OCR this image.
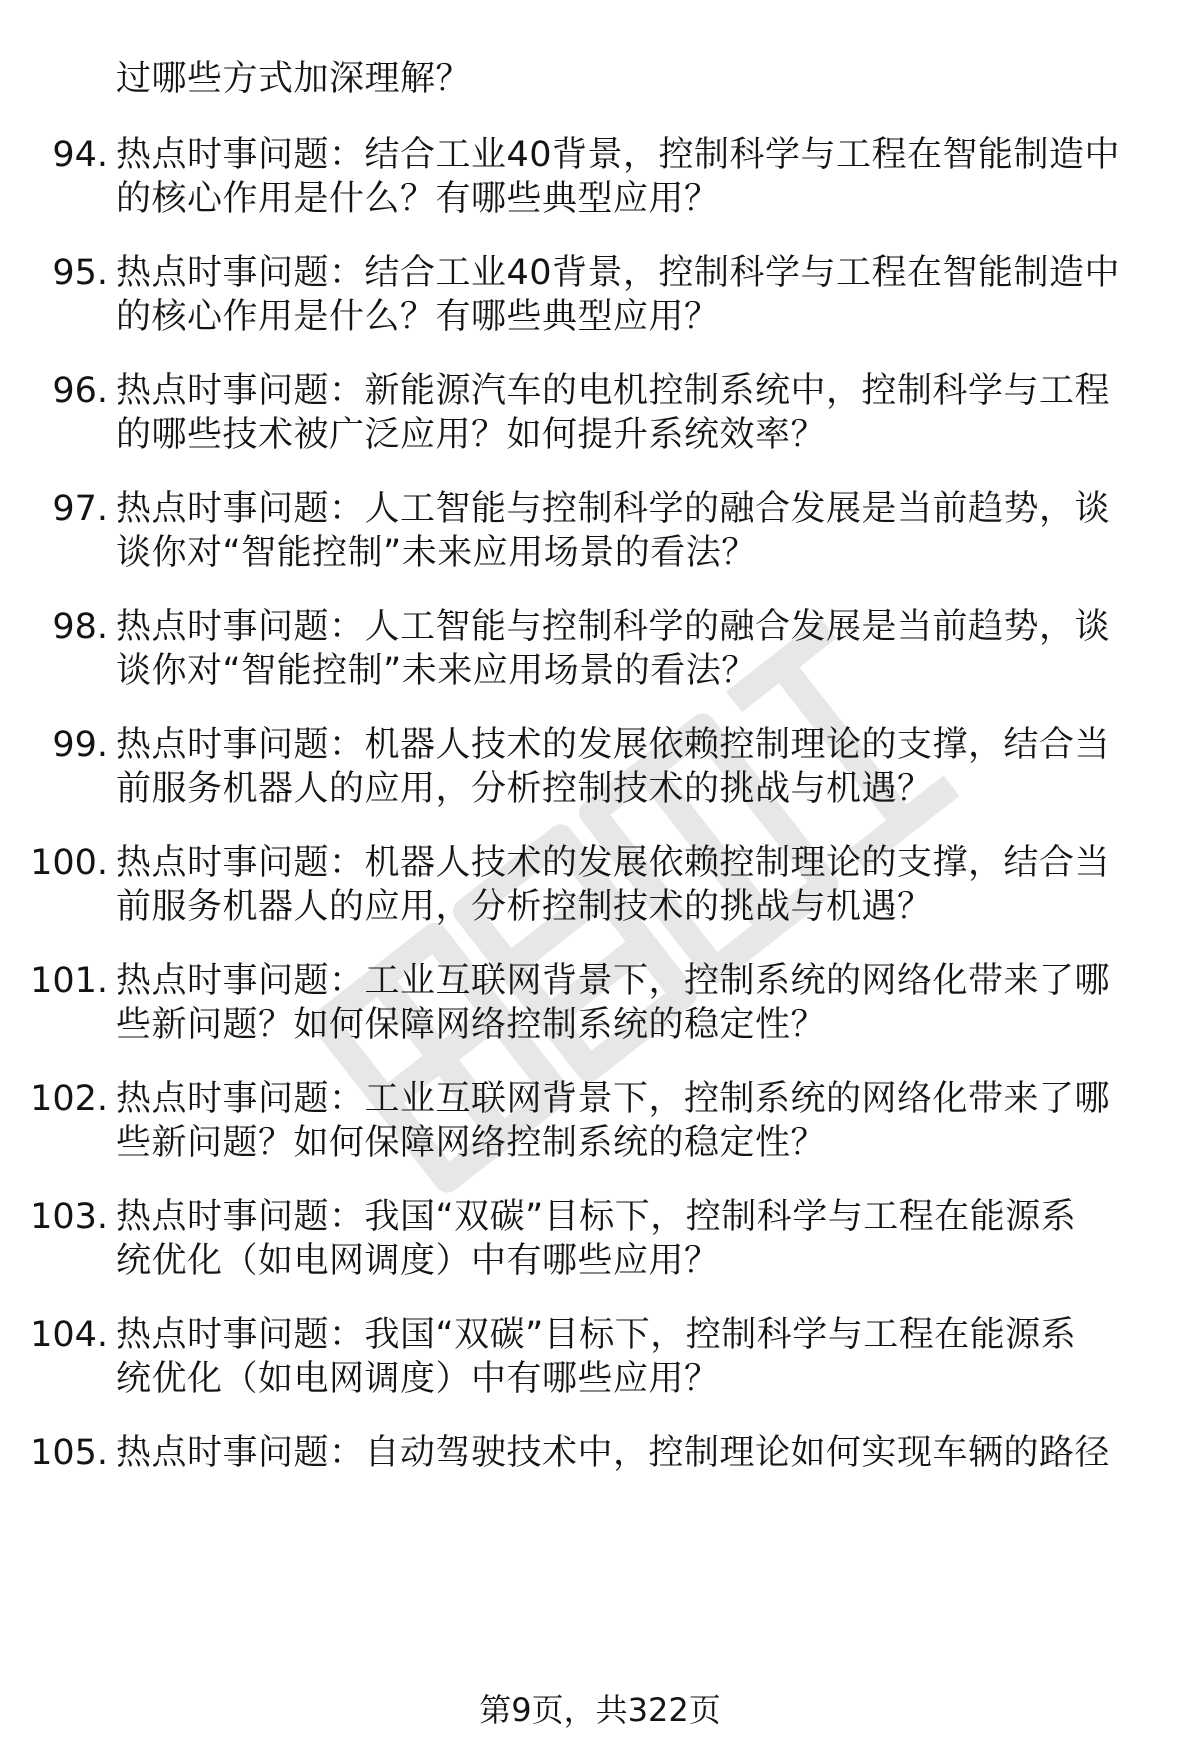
过哪些方式加深理解？
94. 热点时事问题：结合工业40背景，控制科学与工程在智能制造中
的核心作用是什么？有哪些典型应用？
95. 热点时事问题：结合工业40背景，控制科学与工程在智能制造中
的核心作用是什么？有哪些典型应用？
96. 热点时事问题：新能源汽车的电机控制系统中，控制科学与工程
的哪些技术被广泛应用？如何提升系统效率？
97. 热点时事问题：人工智能与控制科学的融合发展是当前趋势，谈
谈你对“智能控制”未来应用场景的看法？
98. 热点时事问题：人工智能与控制科学的融合发展是当前趋势，谈
谈你对“智能控制”未来应用场景的看法？
99. 热点时事问题：机器人技术的发展依赖控制理论的支撑，结合当
前服务机器人的应用，分析控制技术的挑战与机遇？
100. 热点时事问题：机器人技术的发展依赖控制理论的支撑，结合当
前服务机器人的应用，分析控制技术的挑战与机遇？
101. 热点时事问题：工业互联网背景下，控制系统的网络化带来了哪
些新问题？如何保障网络控制系统的稳定性？
102. 热点时事问题：工业互联网背景下，控制系统的网络化带来了哪
些新问题？如何保障网络控制系统的稳定性？
103. 热点时事问题：我国“双碳”目标下，控制科学与工程在能源系
统优化（如电网调度）中有哪些应用？
104. 热点时事问题：我国“双碳”目标下，控制科学与工程在能源系
统优化（如电网调度）中有哪些应用？
105. 热点时事问题：自动驾驶技术中，控制理论如何实现车辆的路径
第9页，共322页
